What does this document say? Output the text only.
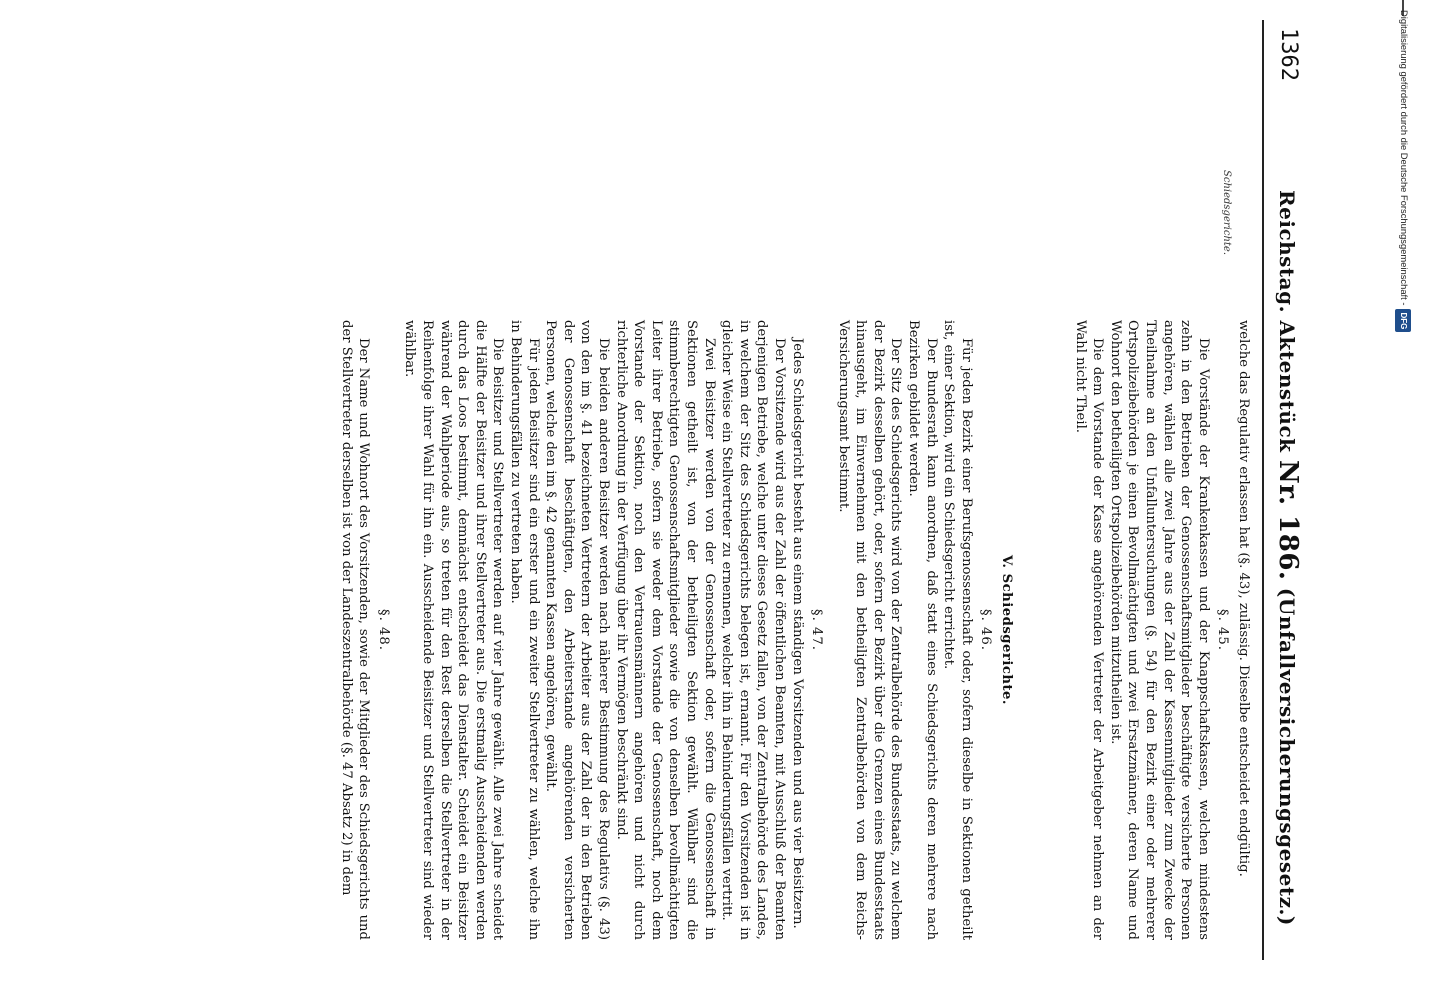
1362
Reichstag. Aktenstück Nr. 186. (Unfallversicherungsgesetz.)
Schiedsgerichte.

welche das Regulativ erlassen hat (§. 43), zulässig. Dieselbe entscheidet endgültig.

§. 45.

Die Vorstände der Krankenkassen und der Knappschaftskassen, welchen mindestens zehn in den Betrieben der Genossenschaftsmitglieder beschäftigte versicherte Personen angehören, wählen alle zwei Jahre aus der Zahl der Kassenmitglieder zum Zwecke der Theilnahme an den Unfalluntersuchungen (§. 54) für den Bezirk einer oder mehrerer Ortspolizeibehörden je einen Bevollmächtigten und zwei Ersatzmänner, deren Name und Wohnort den betheiligten Ortspolizeibehörden mitzutheilen ist.

Die dem Vorstande der Kasse angehörenden Vertreter der Arbeitgeber nehmen an der Wahl nicht Theil.

V. Schiedsgerichte.
§. 46.

Für jeden Bezirk einer Berufsgenossenschaft oder, sofern dieselbe in Sektionen getheilt ist, einer Sektion, wird ein Schiedsgericht errichtet.

Der Bundesrath kann anordnen, daß statt eines Schiedsgerichts deren mehrere nach Bezirken gebildet werden.

Der Sitz des Schiedsgerichts wird von der Zentralbehörde des Bundesstaats, zu welchem der Bezirk desselben gehört, oder, sofern der Bezirk über die Grenzen eines Bundesstaats hinausgeht, im Einvernehmen mit den betheiligten Zentralbehörden von dem Reichs-Versicherungsamt bestimmt.

§. 47.

Jedes Schiedsgericht besteht aus einem ständigen Vorsitzenden und aus vier Beisitzern.

Der Vorsitzende wird aus der Zahl der öffentlichen Beamten, mit Ausschluß der Beamten derjenigen Betriebe, welche unter dieses Gesetz fallen, von der Zentralbehörde des Landes, in welchem der Sitz des Schiedsgerichts belegen ist, ernannt. Für den Vorsitzenden ist in gleicher Weise ein Stellvertreter zu ernennen, welcher ihn in Behinderungsfällen vertritt.

Zwei Beisitzer werden von der Genossenschaft oder, sofern die Genossenschaft in Sektionen getheilt ist, von der betheiligten Sektion gewählt. Wählbar sind die stimmberechtigten Genossenschaftsmitglieder sowie die von denselben bevollmächtigten Leiter ihrer Betriebe, sofern sie weder dem Vorstande der Genossenschaft, noch dem Vorstande der Sektion, noch den Vertrauensmännern angehören und nicht durch richterliche Anordnung in der Verfügung über ihr Vermögen beschränkt sind.

Die beiden anderen Beisitzer werden nach näherer Bestimmung des Regulativs (§. 43) von den im §. 41 bezeichneten Vertretern der Arbeiter aus der Zahl der in den Betrieben der Genossenschaft beschäftigten, den Arbeiterstande angehörenden versicherten Personen, welche den im §. 42 genannten Kassen angehören, gewählt.

Für jeden Beisitzer sind ein erster und ein zweiter Stellvertreter zu wählen, welche ihn in Behinderungsfällen zu vertreten haben.

Die Beisitzer und Stellvertreter werden auf vier Jahre gewählt. Alle zwei Jahre scheidet die Hälfte der Beisitzer und ihrer Stellvertreter aus. Die erstmalig Ausscheidenden werden durch das Loos bestimmt, demnächst entscheidet das Dienstalter. Scheidet ein Beisitzer während der Wahlperiode aus, so treten für den Rest derselben die Stellvertreter in der Reihenfolge ihrer Wahl für ihn ein. Ausscheidende Beisitzer und Stellvertreter sind wieder wählbar.

§. 48.

Der Name und Wohnort des Vorsitzenden, sowie der Mitglieder des Schiedsgerichts und der Stellvertreter derselben ist von der Landeszentralbehörde (§. 47 Absatz 2) in dem

Digitalisierung gefördert durch die Deutsche Forschungsgemeinschaft -DFG
